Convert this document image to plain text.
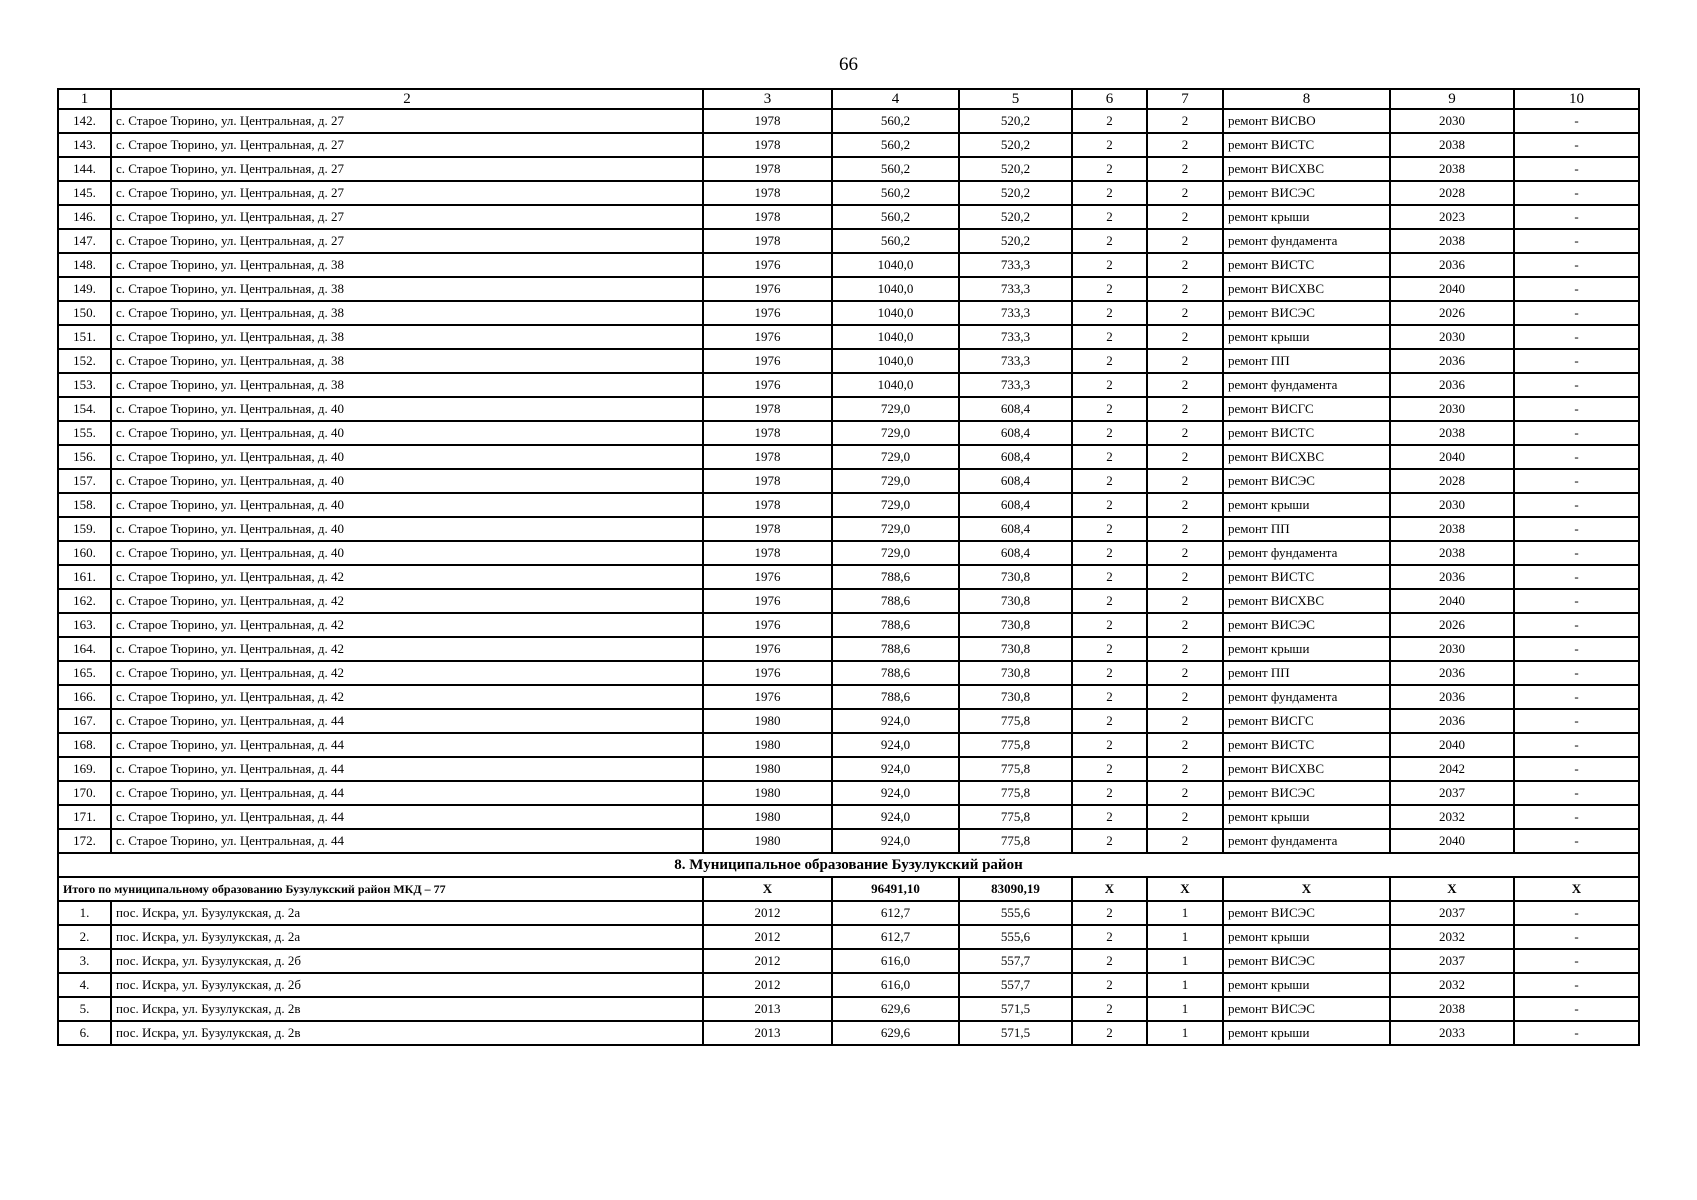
66
1	2	3	4	5	6	7	8	9	10
142.	с. Старое Тюрино, ул. Центральная, д. 27	1978	560,2	520,2	2	2	ремонт ВИСВО	2030	-
143.	с. Старое Тюрино, ул. Центральная, д. 27	1978	560,2	520,2	2	2	ремонт ВИСТС	2038	-
144.	с. Старое Тюрино, ул. Центральная, д. 27	1978	560,2	520,2	2	2	ремонт ВИСХВС	2038	-
145.	с. Старое Тюрино, ул. Центральная, д. 27	1978	560,2	520,2	2	2	ремонт ВИСЭС	2028	-
146.	с. Старое Тюрино, ул. Центральная, д. 27	1978	560,2	520,2	2	2	ремонт крыши	2023	-
147.	с. Старое Тюрино, ул. Центральная, д. 27	1978	560,2	520,2	2	2	ремонт фундамента	2038	-
148.	с. Старое Тюрино, ул. Центральная, д. 38	1976	1040,0	733,3	2	2	ремонт ВИСТС	2036	-
149.	с. Старое Тюрино, ул. Центральная, д. 38	1976	1040,0	733,3	2	2	ремонт ВИСХВС	2040	-
150.	с. Старое Тюрино, ул. Центральная, д. 38	1976	1040,0	733,3	2	2	ремонт ВИСЭС	2026	-
151.	с. Старое Тюрино, ул. Центральная, д. 38	1976	1040,0	733,3	2	2	ремонт крыши	2030	-
152.	с. Старое Тюрино, ул. Центральная, д. 38	1976	1040,0	733,3	2	2	ремонт ПП	2036	-
153.	с. Старое Тюрино, ул. Центральная, д. 38	1976	1040,0	733,3	2	2	ремонт фундамента	2036	-
154.	с. Старое Тюрино, ул. Центральная, д. 40	1978	729,0	608,4	2	2	ремонт ВИСГС	2030	-
155.	с. Старое Тюрино, ул. Центральная, д. 40	1978	729,0	608,4	2	2	ремонт ВИСТС	2038	-
156.	с. Старое Тюрино, ул. Центральная, д. 40	1978	729,0	608,4	2	2	ремонт ВИСХВС	2040	-
157.	с. Старое Тюрино, ул. Центральная, д. 40	1978	729,0	608,4	2	2	ремонт ВИСЭС	2028	-
158.	с. Старое Тюрино, ул. Центральная, д. 40	1978	729,0	608,4	2	2	ремонт крыши	2030	-
159.	с. Старое Тюрино, ул. Центральная, д. 40	1978	729,0	608,4	2	2	ремонт ПП	2038	-
160.	с. Старое Тюрино, ул. Центральная, д. 40	1978	729,0	608,4	2	2	ремонт фундамента	2038	-
161.	с. Старое Тюрино, ул. Центральная, д. 42	1976	788,6	730,8	2	2	ремонт ВИСТС	2036	-
162.	с. Старое Тюрино, ул. Центральная, д. 42	1976	788,6	730,8	2	2	ремонт ВИСХВС	2040	-
163.	с. Старое Тюрино, ул. Центральная, д. 42	1976	788,6	730,8	2	2	ремонт ВИСЭС	2026	-
164.	с. Старое Тюрино, ул. Центральная, д. 42	1976	788,6	730,8	2	2	ремонт крыши	2030	-
165.	с. Старое Тюрино, ул. Центральная, д. 42	1976	788,6	730,8	2	2	ремонт ПП	2036	-
166.	с. Старое Тюрино, ул. Центральная, д. 42	1976	788,6	730,8	2	2	ремонт фундамента	2036	-
167.	с. Старое Тюрино, ул. Центральная, д. 44	1980	924,0	775,8	2	2	ремонт ВИСГС	2036	-
168.	с. Старое Тюрино, ул. Центральная, д. 44	1980	924,0	775,8	2	2	ремонт ВИСТС	2040	-
169.	с. Старое Тюрино, ул. Центральная, д. 44	1980	924,0	775,8	2	2	ремонт ВИСХВС	2042	-
170.	с. Старое Тюрино, ул. Центральная, д. 44	1980	924,0	775,8	2	2	ремонт ВИСЭС	2037	-
171.	с. Старое Тюрино, ул. Центральная, д. 44	1980	924,0	775,8	2	2	ремонт крыши	2032	-
172.	с. Старое Тюрино, ул. Центральная, д. 44	1980	924,0	775,8	2	2	ремонт фундамента	2040	-
8. Муниципальное образование Бузулукский район									
Итого по муниципальному образованию Бузулукский район МКД – 77		X	96491,10	83090,19	X	X	X	X	X
1.	пос. Искра, ул. Бузулукская, д. 2а	2012	612,7	555,6	2	1	ремонт ВИСЭС	2037	-
2.	пос. Искра, ул. Бузулукская, д. 2а	2012	612,7	555,6	2	1	ремонт крыши	2032	-
3.	пос. Искра, ул. Бузулукская, д. 2б	2012	616,0	557,7	2	1	ремонт ВИСЭС	2037	-
4.	пос. Искра, ул. Бузулукская, д. 2б	2012	616,0	557,7	2	1	ремонт крыши	2032	-
5.	пос. Искра, ул. Бузулукская, д. 2в	2013	629,6	571,5	2	1	ремонт ВИСЭС	2038	-
6.	пос. Искра, ул. Бузулукская, д. 2в	2013	629,6	571,5	2	1	ремонт крыши	2033	-
